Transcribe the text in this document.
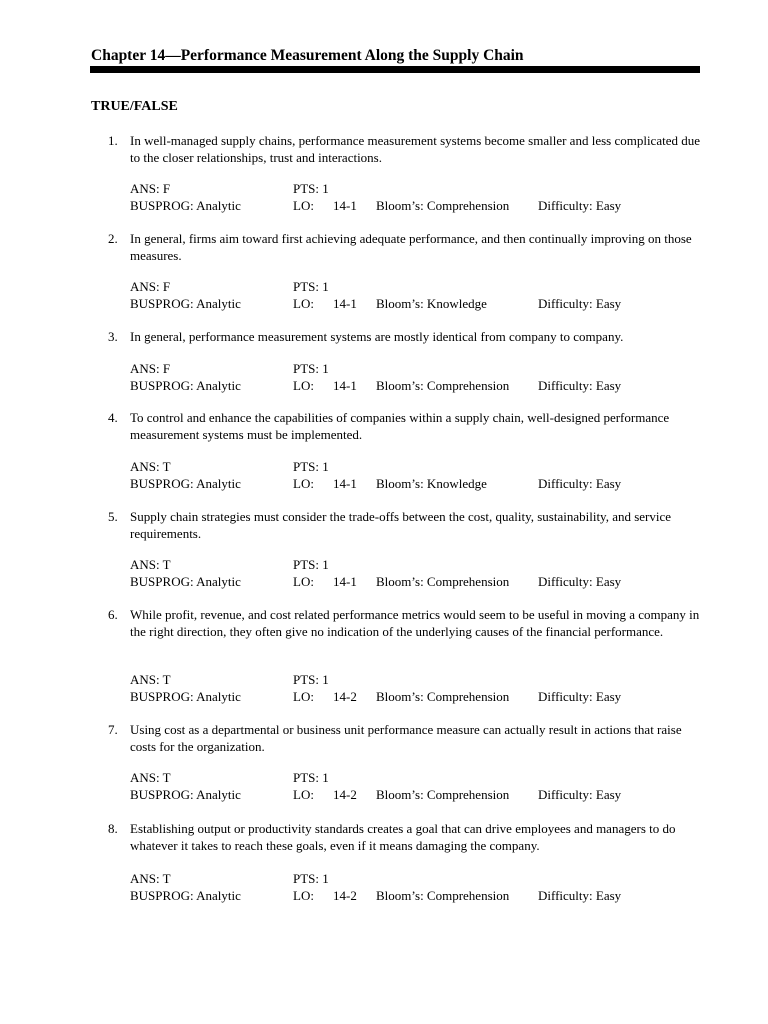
Chapter 14—Performance Measurement Along the Supply Chain
TRUE/FALSE
1. In well-managed supply chains, performance measurement systems become smaller and less complicated due to the closer relationships, trust and interactions.
ANS: F	PTS: 1
BUSPROG: Analytic	LO: 14-1 Bloom’s: Comprehension Difficulty: Easy
2. In general, firms aim toward first achieving adequate performance, and then continually improving on those measures.
ANS: F	PTS: 1
BUSPROG: Analytic	LO: 14-1 Bloom’s: Knowledge	Difficulty: Easy
3. In general, performance measurement systems are mostly identical from company to company.
ANS: F	PTS: 1
BUSPROG: Analytic	LO: 14-1 Bloom’s: Comprehension Difficulty: Easy
4. To control and enhance the capabilities of companies within a supply chain, well-designed performance measurement systems must be implemented.
ANS: T	PTS: 1
BUSPROG: Analytic	LO: 14-1 Bloom’s: Knowledge	Difficulty: Easy
5. Supply chain strategies must consider the trade-offs between the cost, quality, sustainability, and service requirements.
ANS: T	PTS: 1
BUSPROG: Analytic	LO: 14-1 Bloom’s: Comprehension Difficulty: Easy
6. While profit, revenue, and cost related performance metrics would seem to be useful in moving a company in the right direction, they often give no indication of the underlying causes of the financial performance.
ANS: T	PTS: 1
BUSPROG: Analytic	LO: 14-2 Bloom’s: Comprehension Difficulty: Easy
7. Using cost as a departmental or business unit performance measure can actually result in actions that raise costs for the organization.
ANS: T	PTS: 1
BUSPROG: Analytic	LO: 14-2 Bloom’s: Comprehension Difficulty: Easy
8. Establishing output or productivity standards creates a goal that can drive employees and managers to do whatever it takes to reach these goals, even if it means damaging the company.
ANS: T	PTS: 1
BUSPROG: Analytic	LO: 14-2 Bloom’s: Comprehension Difficulty: Easy
